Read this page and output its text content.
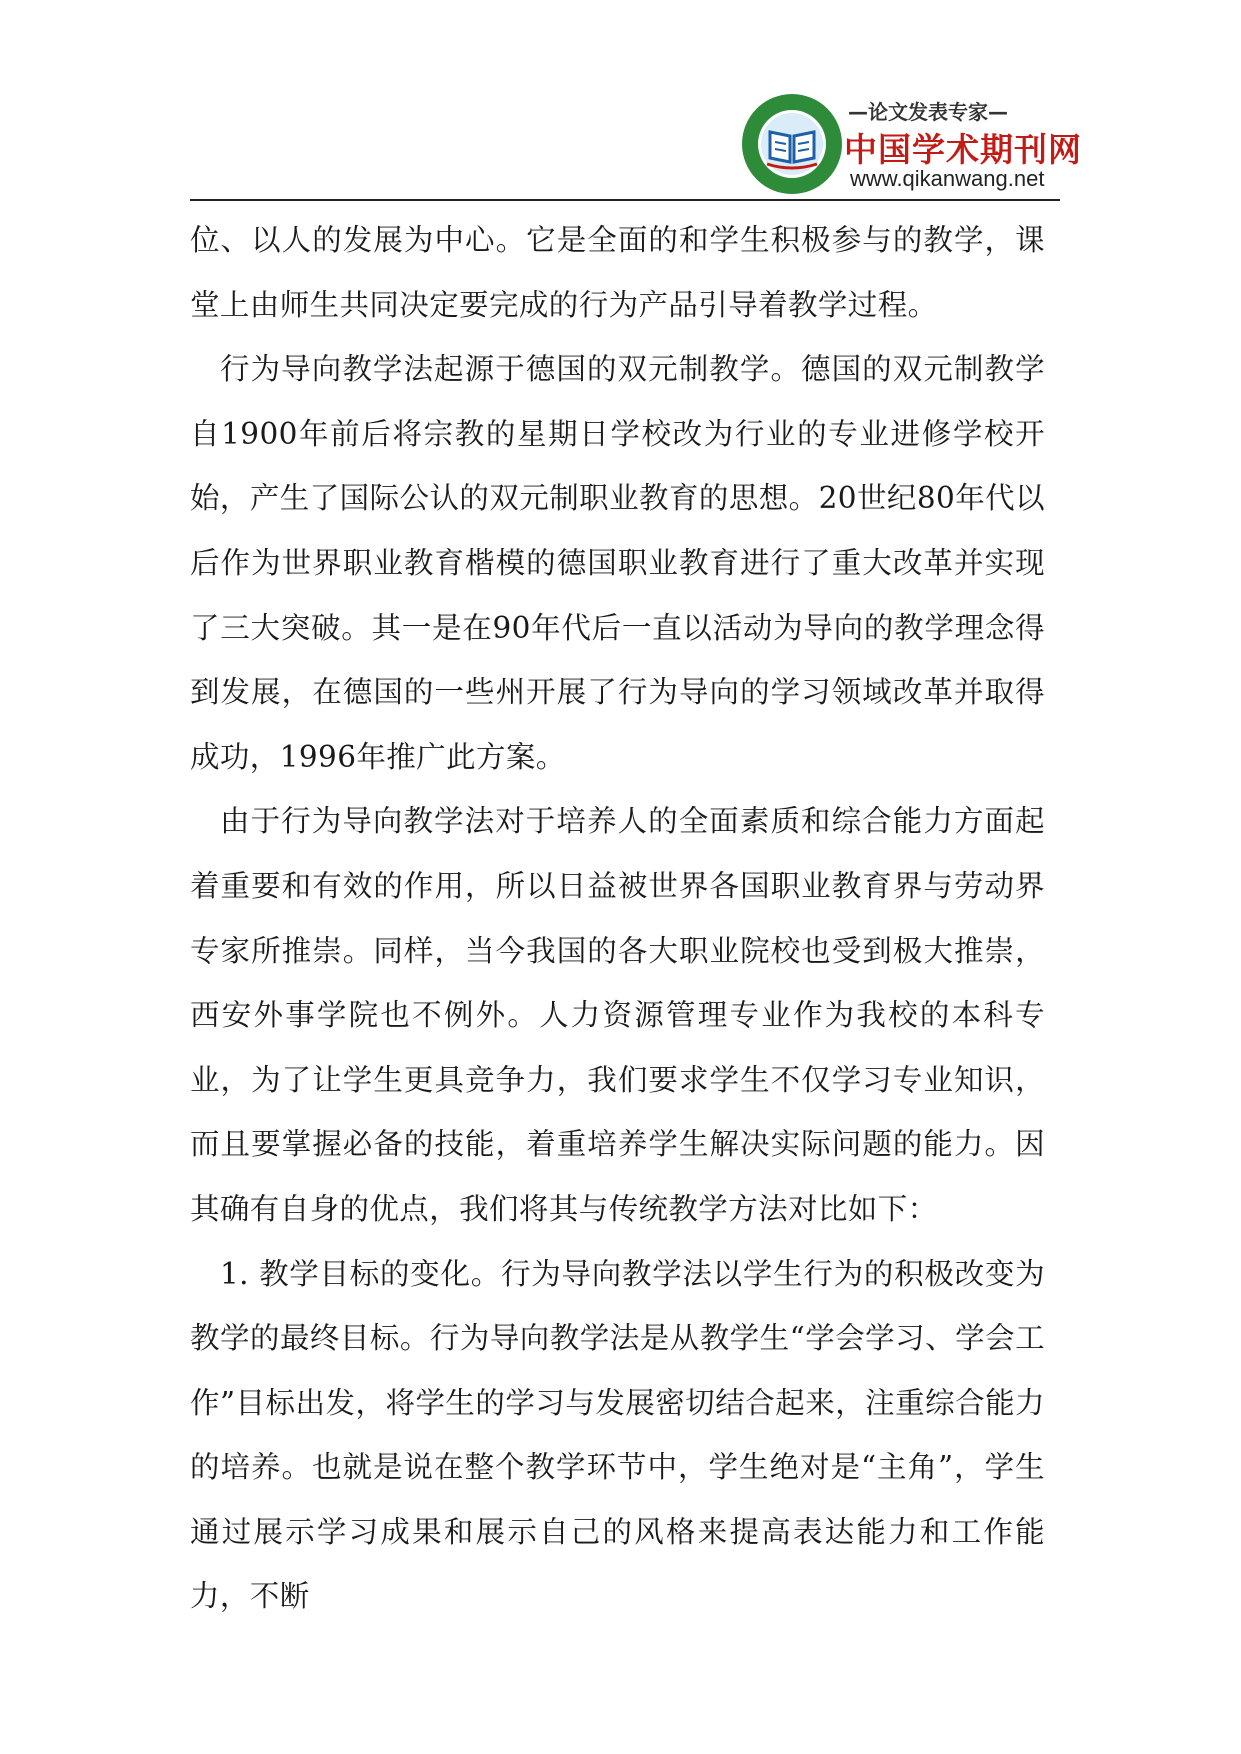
—论文发表专家—
中国学术期刊网
www.qikanwang.net

位、以人的发展为中心。它是全面的和学生积极参与的教学，课堂上由师生共同决定要完成的行为产品引导着教学过程。

行为导向教学法起源于德国的双元制教学。德国的双元制教学自1900年前后将宗教的星期日学校改为行业的专业进修学校开始，产生了国际公认的双元制职业教育的思想。20世纪80年代以后作为世界职业教育楷模的德国职业教育进行了重大改革并实现了三大突破。其一是在90年代后一直以活动为导向的教学理念得到发展，在德国的一些州开展了行为导向的学习领域改革并取得成功，1996年推广此方案。

由于行为导向教学法对于培养人的全面素质和综合能力方面起着重要和有效的作用，所以日益被世界各国职业教育界与劳动界专家所推崇。同样，当今我国的各大职业院校也受到极大推崇，西安外事学院也不例外。人力资源管理专业作为我校的本科专业，为了让学生更具竞争力，我们要求学生不仅学习专业知识，而且要掌握必备的技能，着重培养学生解决实际问题的能力。因其确有自身的优点，我们将其与传统教学方法对比如下：

1. 教学目标的变化。行为导向教学法以学生行为的积极改变为教学的最终目标。行为导向教学法是从教学生“学会学习、学会工作”目标出发，将学生的学习与发展密切结合起来，注重综合能力的培养。也就是说在整个教学环节中，学生绝对是“主角”，学生通过展示学习成果和展示自己的风格来提高表达能力和工作能力，不断
